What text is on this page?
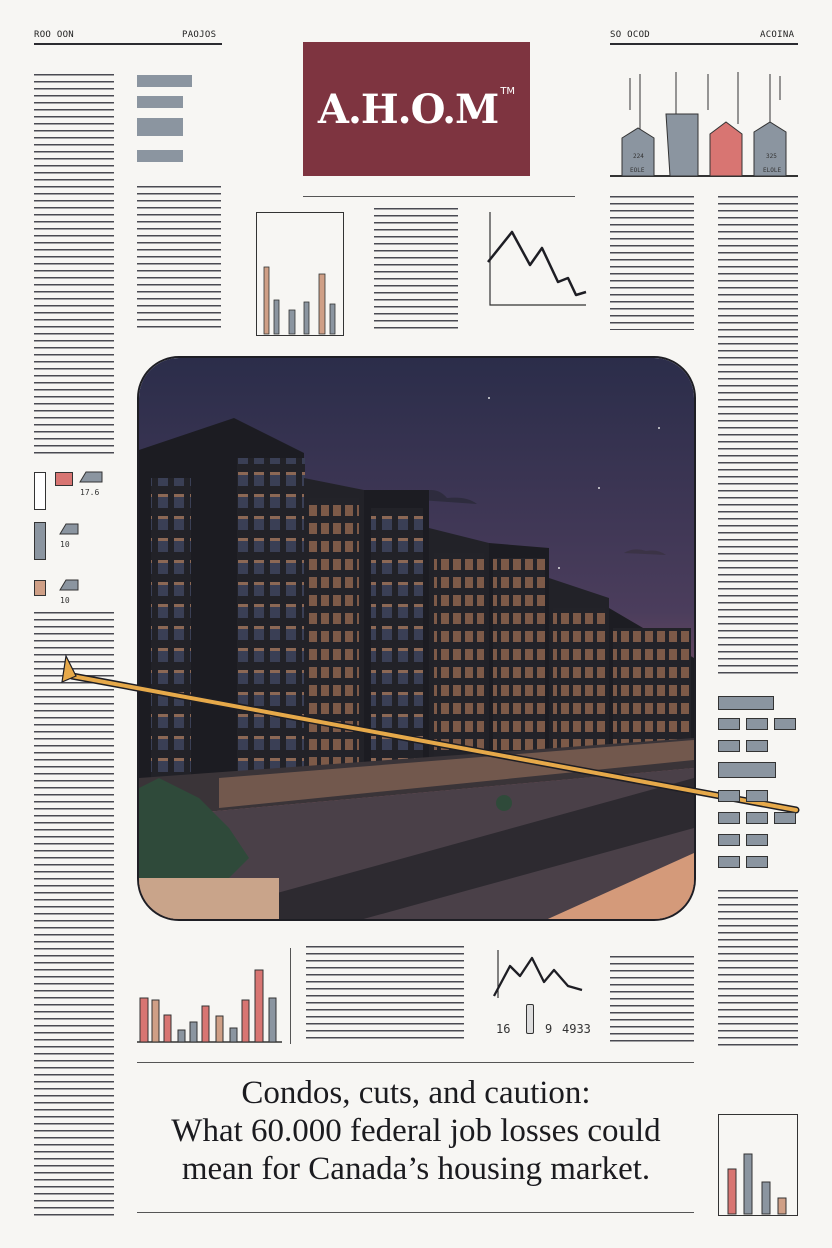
ROO OON	PAOJOS	SO OCOD	ACOINA
A.H.O.M™
224
EOLE
325
ELOLE
17.6
10
10
16	9 4933
Condos, cuts, and caution:
What 60.000 federal job losses could
mean for Canada’s housing market.
